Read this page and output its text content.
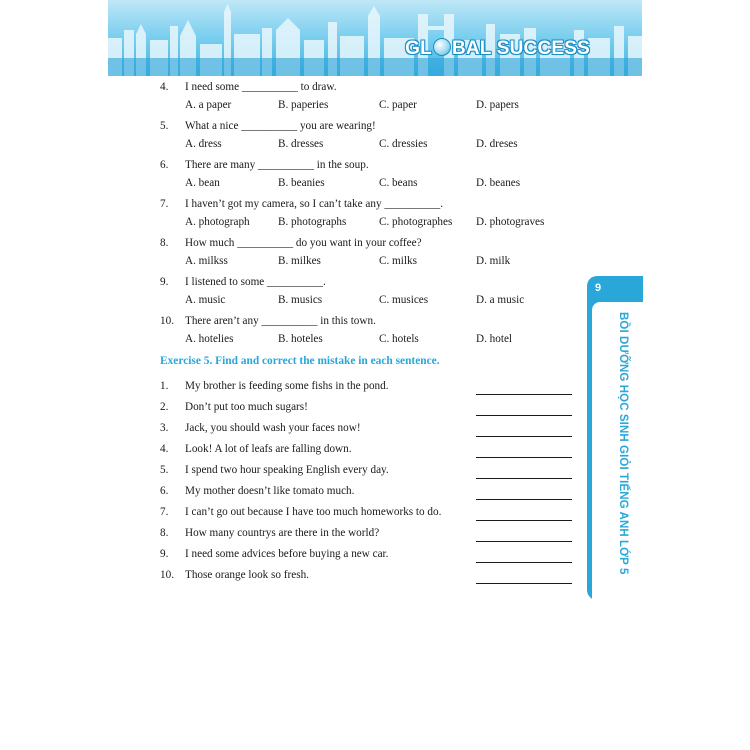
GL BAL SUCCESS
4.	I need some __________ to draw.
A. a paper	B. paperies	C. paper	D. papers
5.	What a nice __________ you are wearing!
A. dress	B. dresses	C. dressies	D. dreses
6.	There are many __________ in the soup.
A. bean	B. beanies	C. beans	D. beanes
7.	I haven’t got my camera, so I can’t take any __________.
A. photograph	B. photographs	C. photographes D. photograves
8.	How much __________ do you want in your coffee?
A. milkss	B. milkes	C. milks	D. milk
9.	I listened to some __________.
A. music	B. musics	C. musices	D. a music
10. There aren’t any __________ in this town.
A. hotelies	B. hoteles	C. hotels	D. hotel
Exercise 5. Find and correct the mistake in each sentence.
1.	My brother is feeding some fishs in the pond.
2.	Don’t put too much sugars!
3.	Jack, you should wash your faces now!
4.	Look! A lot of leafs are falling down.
5.	I spend two hour speaking English every day.
6.	My mother doesn’t like tomato much.
7.	I can’t go out because I have too much homeworks to do.
8.	How many countrys are there in the world?
9.	I need some advices before buying a new car.
10. Those orange look so fresh.
9
BỒI DƯỠNG HỌC SINH GIỎI TIẾNG ANH LỚP 5
